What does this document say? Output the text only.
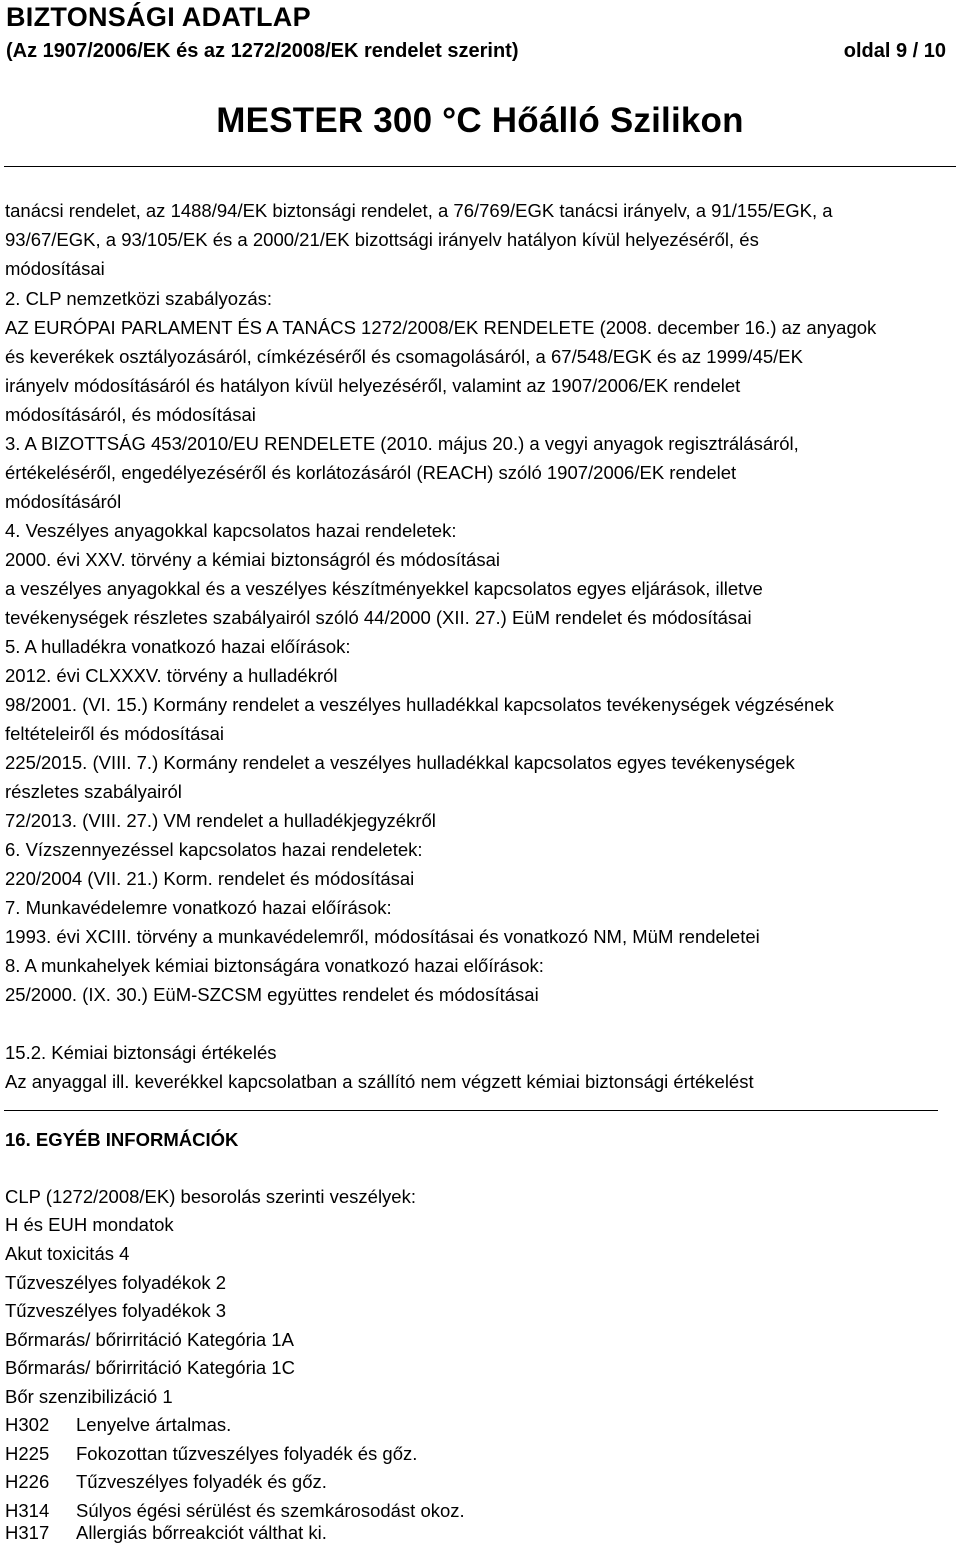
BIZTONSÁGI ADATLAP
(Az 1907/2006/EK és az 1272/2008/EK rendelet szerint)	oldal 9 / 10
MESTER 300 °C Hőálló Szilikon
tanácsi rendelet, az 1488/94/EK biztonsági rendelet, a 76/769/EGK tanácsi irányelv, a 91/155/EGK, a
93/67/EGK, a 93/105/EK és a 2000/21/EK bizottsági irányelv hatályon kívül helyezéséről, és
módosításai
2. CLP nemzetközi szabályozás:
AZ EURÓPAI PARLAMENT ÉS A TANÁCS 1272/2008/EK RENDELETE (2008. december 16.) az anyagok
és keverékek osztályozásáról, címkézéséről és csomagolásáról, a 67/548/EGK és az 1999/45/EK
irányelv módosításáról és hatályon kívül helyezéséről, valamint az 1907/2006/EK rendelet
módosításáról, és módosításai
3. A BIZOTTSÁG 453/2010/EU RENDELETE (2010. május 20.) a vegyi anyagok regisztrálásáról,
értékeléséről, engedélyezéséről és korlátozásáról (REACH) szóló 1907/2006/EK rendelet
módosításáról
4. Veszélyes anyagokkal kapcsolatos hazai rendeletek:
2000. évi XXV. törvény a kémiai biztonságról és módosításai
a veszélyes anyagokkal és a veszélyes készítményekkel kapcsolatos egyes eljárások, illetve
tevékenységek részletes szabályairól szóló 44/2000 (XII. 27.) EüM rendelet és módosításai
5. A hulladékra vonatkozó hazai előírások:
2012. évi CLXXXV. törvény a hulladékról
98/2001. (VI. 15.) Kormány rendelet a veszélyes hulladékkal kapcsolatos tevékenységek végzésének
feltételeiről és módosításai
225/2015. (VIII. 7.) Kormány rendelet a veszélyes hulladékkal kapcsolatos egyes tevékenységek
részletes szabályairól
72/2013. (VIII. 27.) VM rendelet a hulladékjegyzékről
6. Vízszennyezéssel kapcsolatos hazai rendeletek:
220/2004 (VII. 21.) Korm. rendelet és módosításai
7. Munkavédelemre vonatkozó hazai előírások:
1993. évi XCIII. törvény a munkavédelemről, módosításai és vonatkozó NM, MüM rendeletei
8. A munkahelyek kémiai biztonságára vonatkozó hazai előírások:
25/2000. (IX. 30.) EüM-SZCSM együttes rendelet és módosításai
15.2. Kémiai biztonsági értékelés
Az anyaggal ill. keverékkel kapcsolatban a szállító nem végzett kémiai biztonsági értékelést
16. EGYÉB INFORMÁCIÓK
CLP (1272/2008/EK) besorolás szerinti veszélyek:
H és EUH mondatok
Akut toxicitás 4
Tűzveszélyes folyadékok 2
Tűzveszélyes folyadékok 3
Bőrmarás/ bőrirritáció Kategória 1A
Bőrmarás/ bőrirritáció Kategória 1C
Bőr szenzibilizáció 1
H302 Lenyelve ártalmas.
H225 Fokozottan tűzveszélyes folyadék és gőz.
H226 Tűzveszélyes folyadék és gőz.
H314 Súlyos égési sérülést és szemkárosodást okoz.
H317 Allergiás bőrreakciót válthat ki.
